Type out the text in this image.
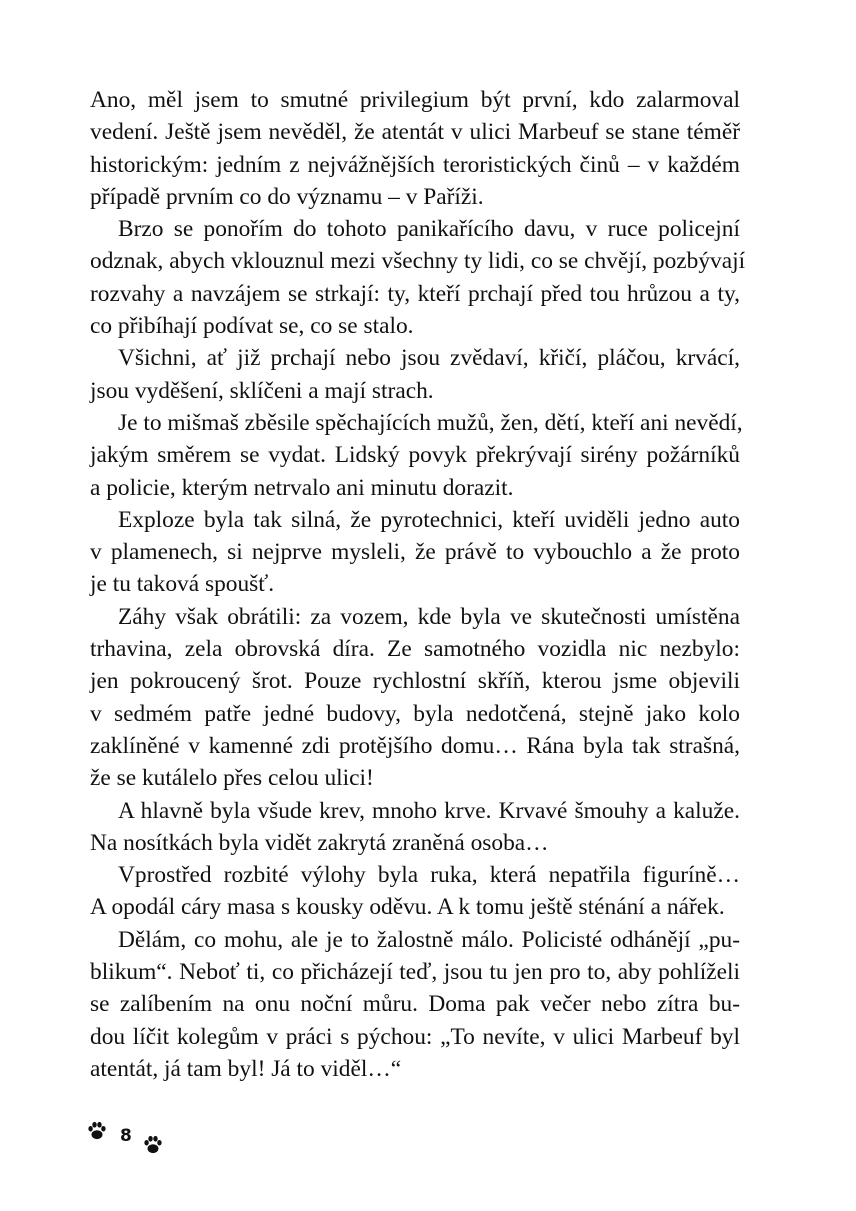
Ano, měl jsem to smutné privilegium být první, kdo zalarmoval
vedení. Ještě jsem nevěděl, že atentát v ulici Marbeuf se stane téměř
historickým: jedním z nejvážnějších teroristických činů – v každém
případě prvním co do významu – v Paříži.
Brzo se ponořím do tohoto panikařícího davu, v ruce policejní
odznak, abych vklouznul mezi všechny ty lidi, co se chvějí, pozbývají
rozvahy a navzájem se strkají: ty, kteří prchají před tou hrůzou a ty,
co přibíhají podívat se, co se stalo.
Všichni, ať již prchají nebo jsou zvědaví, křičí, pláčou, krvácí,
jsou vyděšení, sklíčeni a mají strach.
Je to mišmaš zběsile spěchajících mužů, žen, dětí, kteří ani nevědí,
jakým směrem se vydat. Lidský povyk překrývají sirény požárníků
a policie, kterým netrvalo ani minutu dorazit.
Exploze byla tak silná, že pyrotechnici, kteří uviděli jedno auto
v plamenech, si nejprve mysleli, že právě to vybouchlo a že proto
je tu taková spoušť.
Záhy však obrátili: za vozem, kde byla ve skutečnosti umístěna
trhavina, zela obrovská díra. Ze samotného vozidla nic nezbylo:
jen pokroucený šrot. Pouze rychlostní skříň, kterou jsme objevili
v sedmém patře jedné budovy, byla nedotčená, stejně jako kolo
zaklíněné v kamenné zdi protějšího domu… Rána byla tak strašná,
že se kutálelo přes celou ulici!
A hlavně byla všude krev, mnoho krve. Krvavé šmouhy a kaluže.
Na nosítkách byla vidět zakrytá zraněná osoba…
Vprostřed rozbité výlohy byla ruka, která nepatřila figuríně…
A opodál cáry masa s kousky oděvu. A k tomu ještě sténání a nářek.
Dělám, co mohu, ale je to žalostně málo. Policisté odhánějí „pu-
blikum“. Neboť ti, co přicházejí teď, jsou tu jen pro to, aby pohlíželi
se zalíbením na onu noční můru. Doma pak večer nebo zítra bu-
dou líčit kolegům v práci s pýchou: „To nevíte, v ulici Marbeuf byl
atentát, já tam byl! Já to viděl…“
8
